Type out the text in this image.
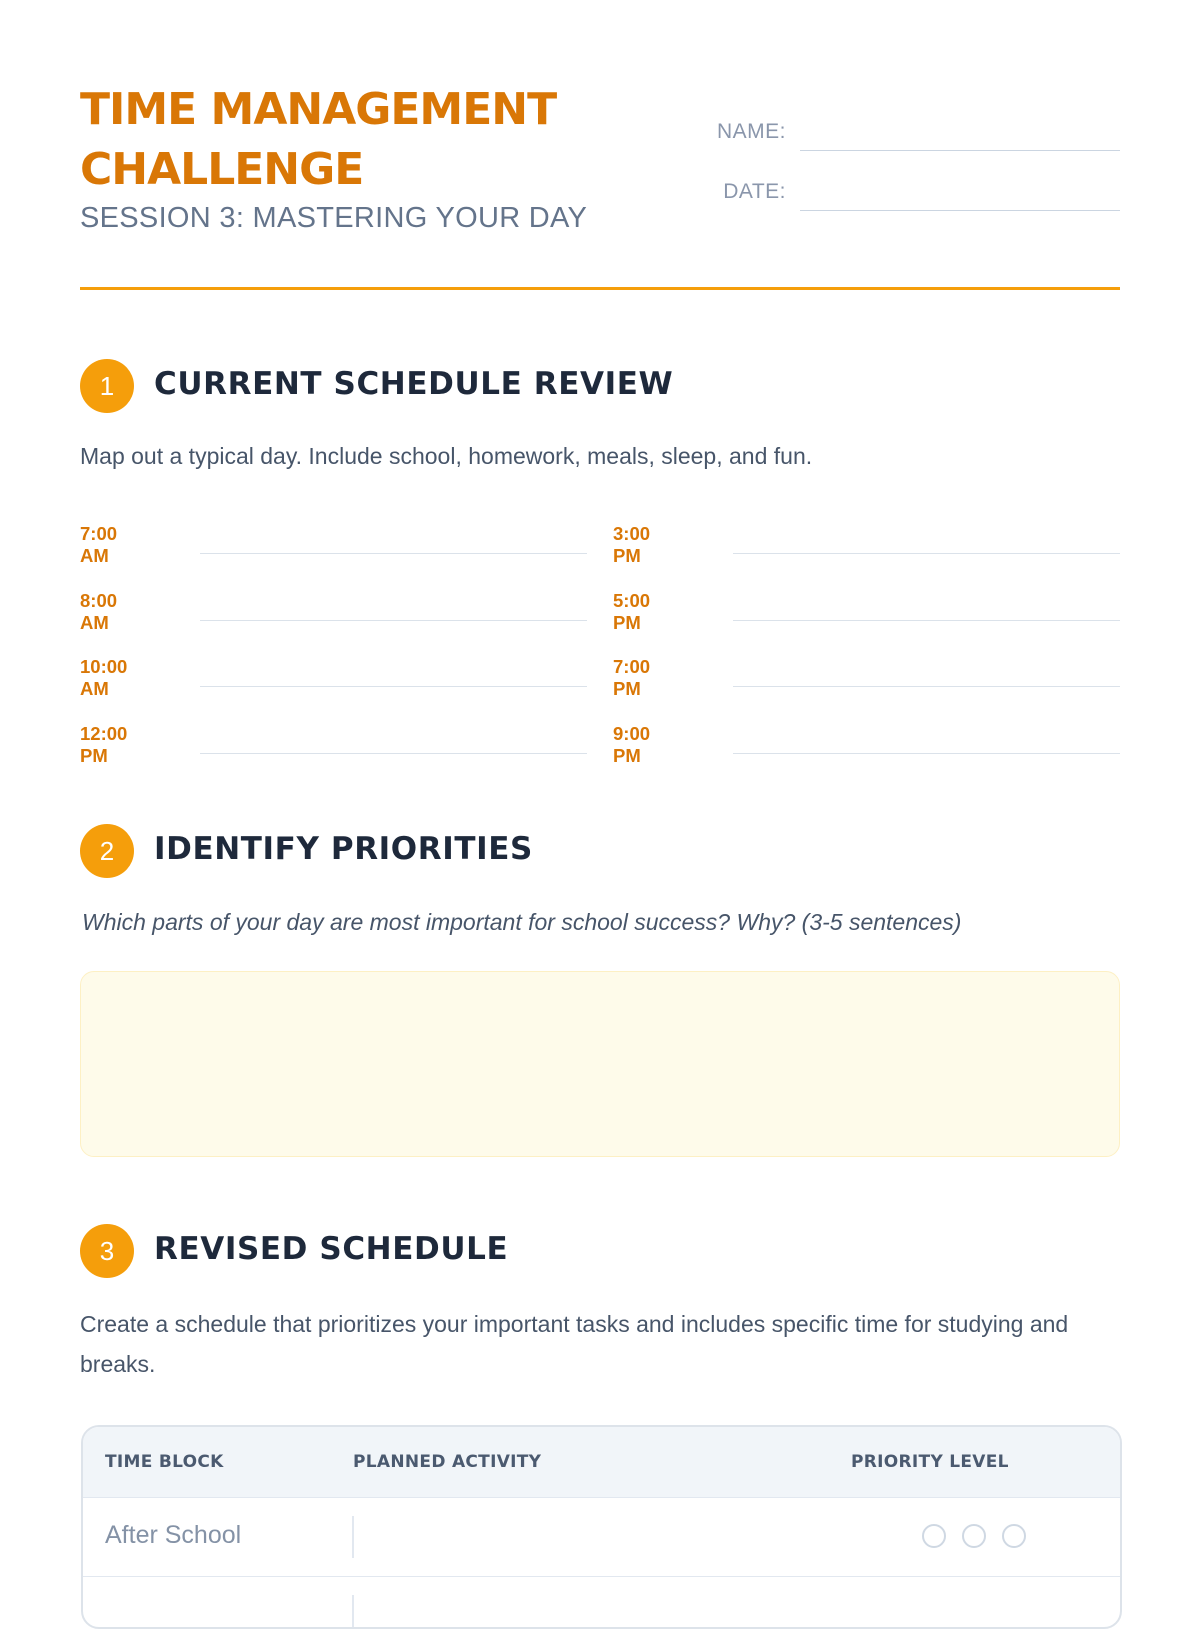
TIME MANAGEMENT CHALLENGE
SESSION 3: MASTERING YOUR DAY
NAME:
DATE:
1	CURRENT SCHEDULE REVIEW
Map out a typical day. Include school, homework, meals, sleep, and fun.
7:00 AM
8:00 AM
10:00 AM
12:00 PM
3:00 PM
5:00 PM
7:00 PM
9:00 PM
2	IDENTIFY PRIORITIES
Which parts of your day are most important for school success? Why? (3-5 sentences)
3	REVISED SCHEDULE
Create a schedule that prioritizes your important tasks and includes specific time for studying and breaks.
TIME BLOCK	PLANNED ACTIVITY	PRIORITY LEVEL
After School
